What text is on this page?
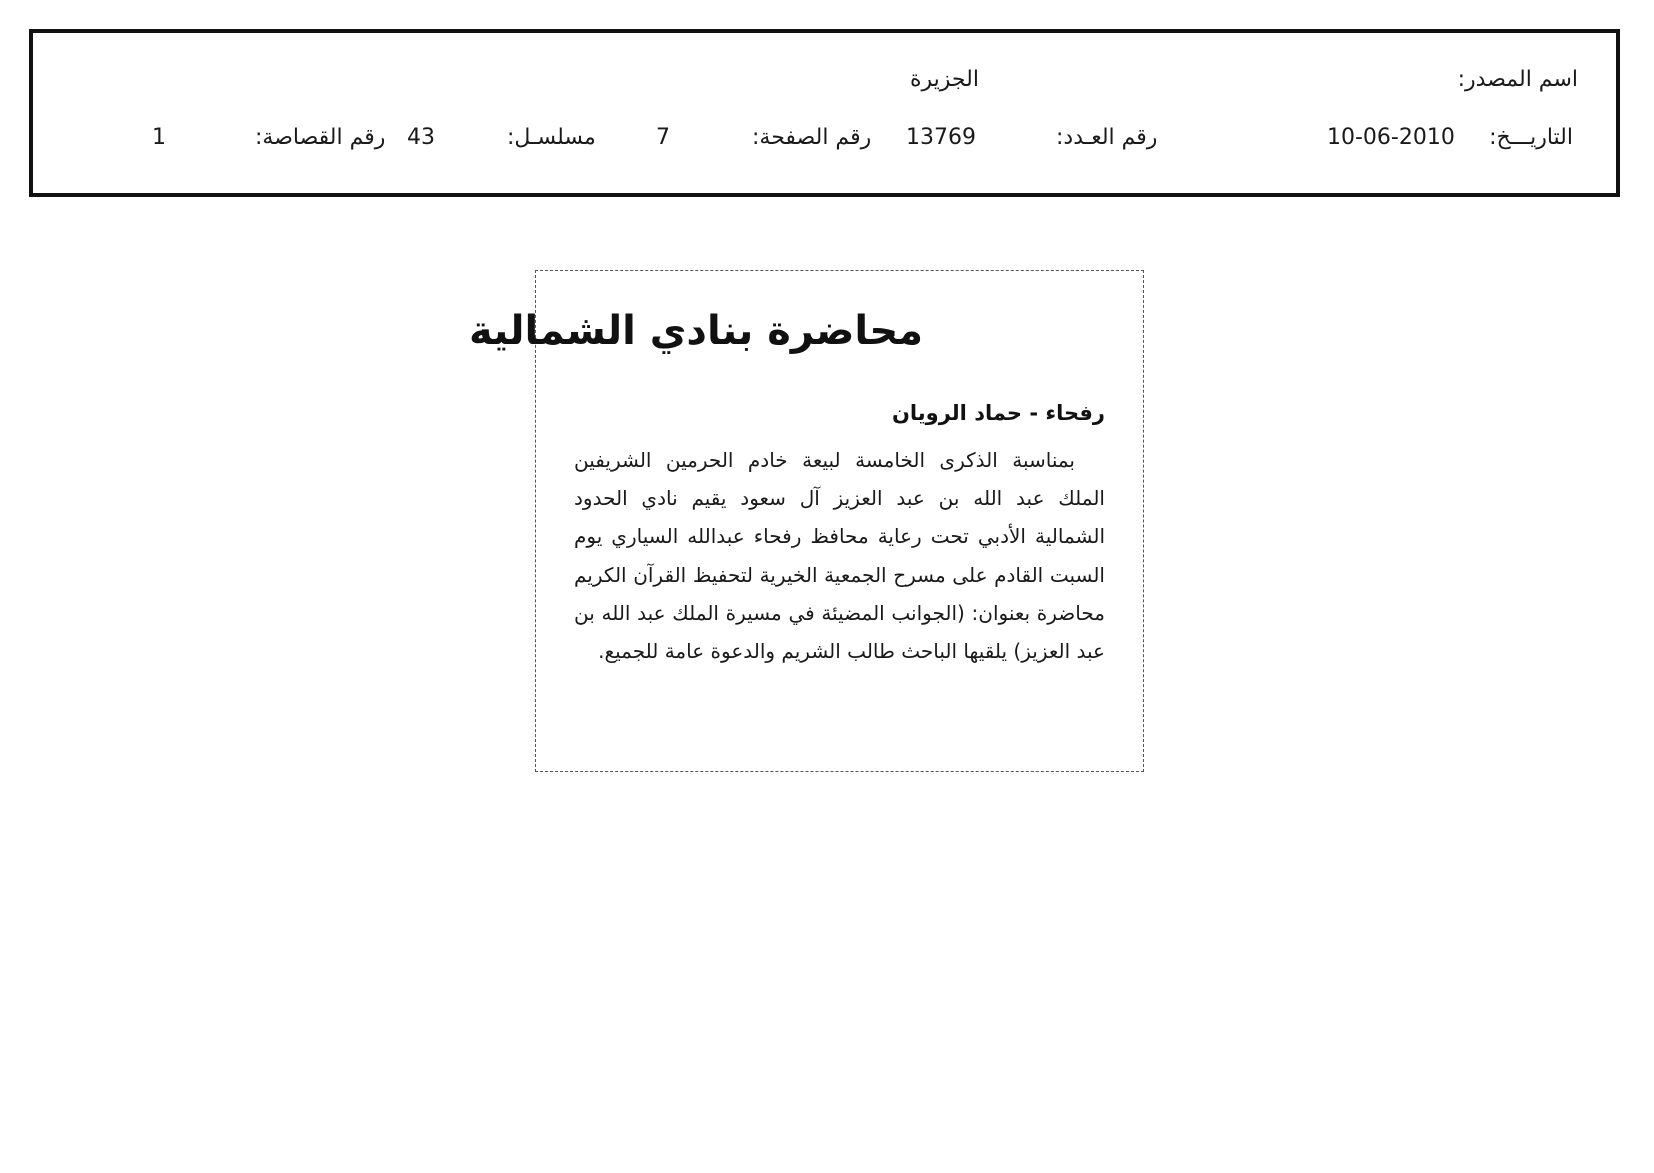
اسم المصدر:
الجزيرة
التاريـــخ:
10-06-2010
رقم العـدد:
13769
رقم الصفحة:
7
مسلسـل:
43
رقم القصاصة:
1
محاضرة بنادي الشمالية
رفحاء - حماد الرويان
بمناسبة الذكرى الخامسة لبيعة خادم الحرمين الشريفين الملك عبد الله بن عبد العزيز آل سعود يقيم نادي الحدود الشمالية الأدبي تحت رعاية محافظ رفحاء عبدالله السياري يوم السبت القادم على مسرح الجمعية الخيرية لتحفيظ القرآن الكريم محاضرة بعنوان: (الجوانب المضيئة في مسيرة الملك عبد الله بن عبد العزيز) يلقيها الباحث طالب الشريم والدعوة عامة للجميع.
